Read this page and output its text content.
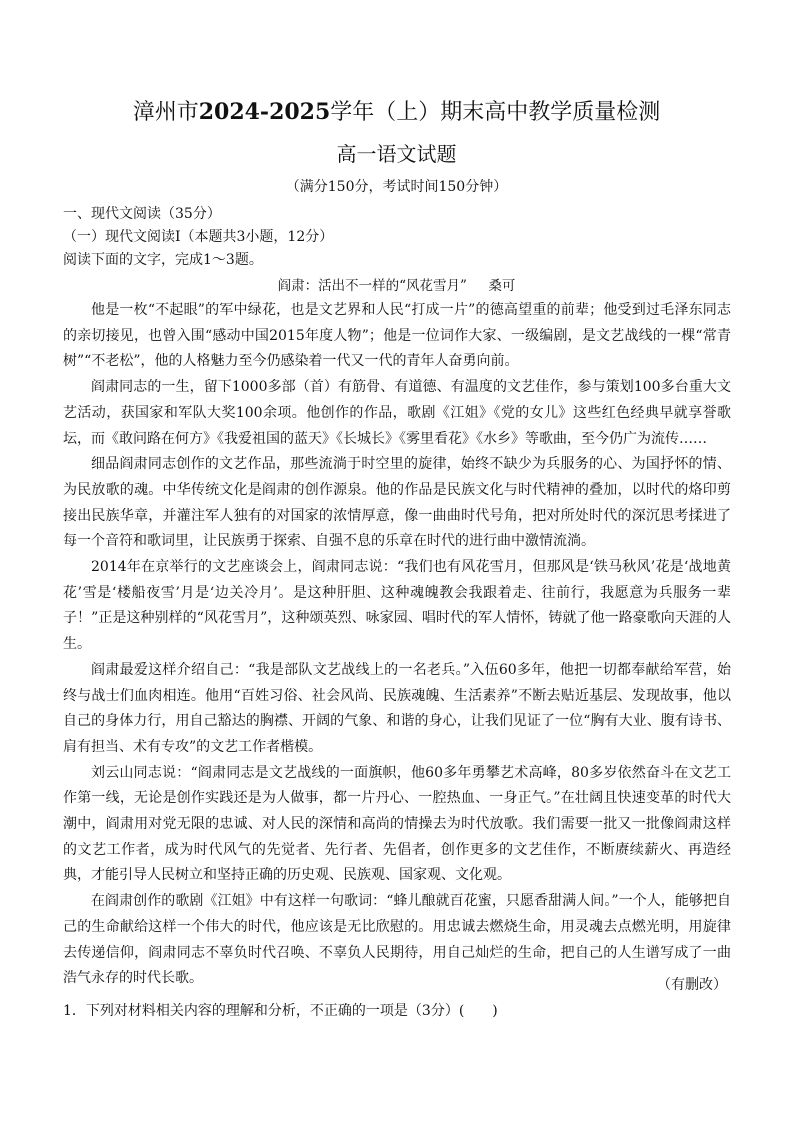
漳州市2024-2025学年（上）期末高中教学质量检测
高一语文试题
（满分150分，考试时间150分钟）
一、现代文阅读（35分）
（一）现代文阅读Ⅰ（本题共3小题，12分）
阅读下面的文字，完成1～3题。
阎肃：活出不一样的“风花雪月” 桑可

他是一枚“不起眼”的军中绿花，也是文艺界和人民“打成一片”的德高望重的前辈；他受到过毛泽东同志的亲切接见，也曾入围“感动中国2015年度人物”；他是一位词作大家、一级编剧，是文艺战线的一棵“常青树”“不老松”，他的人格魅力至今仍感染着一代又一代的青年人奋勇向前。

阎肃同志的一生，留下1000多部（首）有筋骨、有道德、有温度的文艺佳作，参与策划100多台重大文艺活动，获国家和军队大奖100余项。他创作的作品，歌剧《江姐》《党的女儿》这些红色经典早就享誉歌坛，而《敢问路在何方》《我爱祖国的蓝天》《长城长》《雾里看花》《水乡》等歌曲，至今仍广为流传……

细品阎肃同志创作的文艺作品，那些流淌于时空里的旋律，始终不缺少为兵服务的心、为国抒怀的情、为民放歌的魂。中华传统文化是阎肃的创作源泉。他的作品是民族文化与时代精神的叠加，以时代的烙印剪接出民族华章，并灌注军人独有的对国家的浓情厚意，像一曲曲时代号角，把对所处时代的深沉思考揉进了每一个音符和歌词里，让民族勇于探索、自强不息的乐章在时代的进行曲中激情流淌。

2014年在京举行的文艺座谈会上，阎肃同志说：“我们也有风花雪月，但那风是‘铁马秋风’花是‘战地黄花’雪是‘楼船夜雪’月是‘边关冷月’。是这种肝胆、这种魂魄教会我跟着走、往前行，我愿意为兵服务一辈子！”正是这种别样的“风花雪月”，这种颂英烈、咏家园、唱时代的军人情怀，铸就了他一路豪歌向天涯的人生。

阎肃最爱这样介绍自己：“我是部队文艺战线上的一名老兵。”入伍60多年，他把一切都奉献给军营，始终与战士们血肉相连。他用“百姓习俗、社会风尚、民族魂魄、生活素养”不断去贴近基层、发现故事，他以自己的身体力行，用自己豁达的胸襟、开阔的气象、和谐的身心，让我们见证了一位“胸有大业、腹有诗书、肩有担当、术有专攻”的文艺工作者楷模。

刘云山同志说：“阎肃同志是文艺战线的一面旗帜，他60多年勇攀艺术高峰，80多岁依然奋斗在文艺工作第一线，无论是创作实践还是为人做事，都一片丹心、一腔热血、一身正气。”在壮阔且快速变革的时代大潮中，阎肃用对党无限的忠诚、对人民的深情和高尚的情操去为时代放歌。我们需要一批又一批像阎肃这样的文艺工作者，成为时代风气的先觉者、先行者、先倡者，创作更多的文艺佳作，不断赓续薪火、再造经典，才能引导人民树立和坚持正确的历史观、民族观、国家观、文化观。

在阎肃创作的歌剧《江姐》中有这样一句歌词：“蜂儿酿就百花蜜，只愿香甜满人间。”一个人，能够把自己的生命献给这样一个伟大的时代，他应该是无比欣慰的。用忠诚去燃烧生命，用灵魂去点燃光明，用旋律去传递信仰，阎肃同志不辜负时代召唤、不辜负人民期待，用自己灿烂的生命，把自己的人生谱写成了一曲浩气永存的时代长歌。	（有删改）
1．下列对材料相关内容的理解和分析，不正确的一项是（3分）(　　)
